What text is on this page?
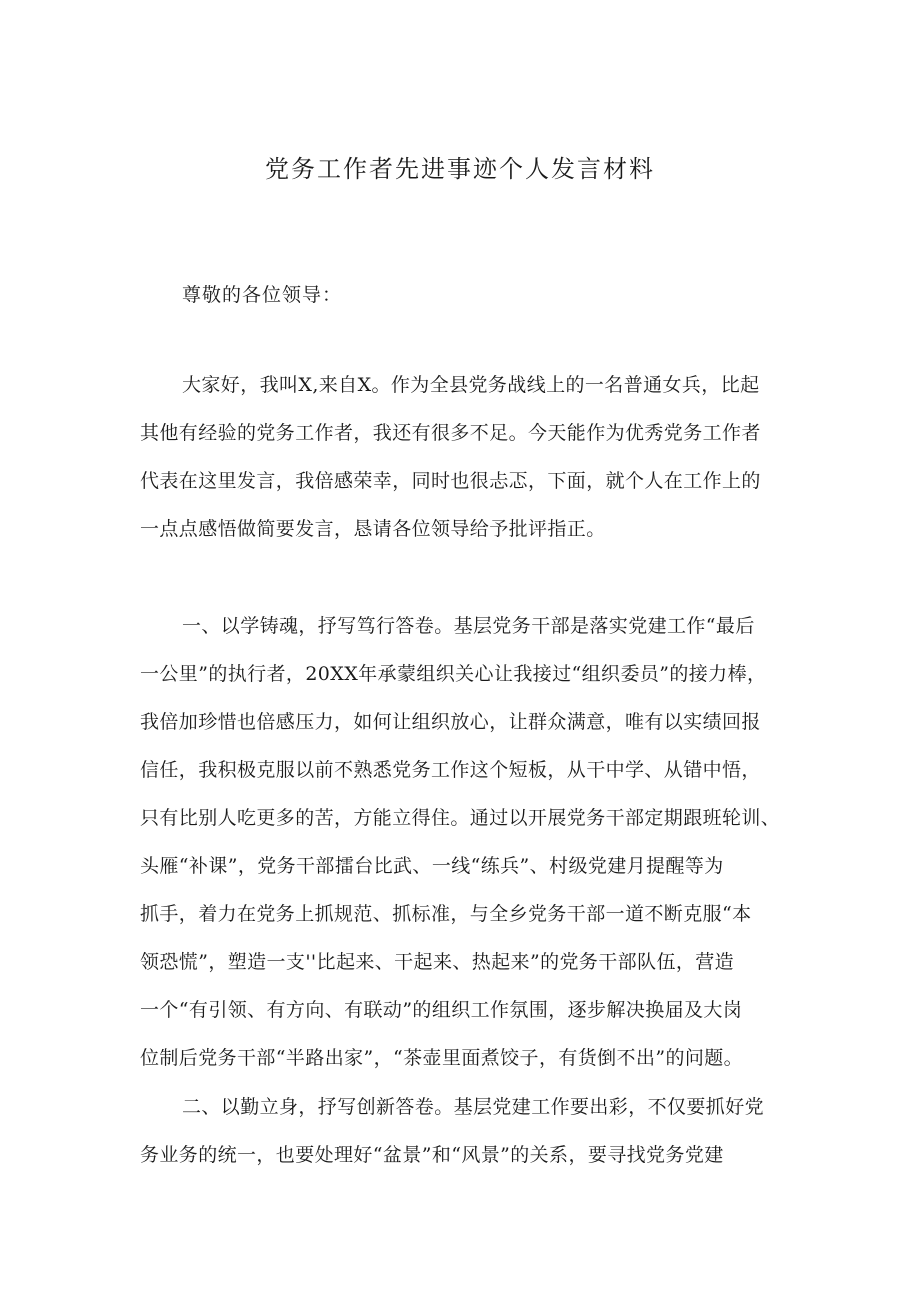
党务工作者先进事迹个人发言材料
尊敬的各位领导：
大家好，我叫X,来自X。作为全县党务战线上的一名普通女兵，比起
其他有经验的党务工作者，我还有很多不足。今天能作为优秀党务工作者
代表在这里发言，我倍感荣幸，同时也很忐忑，下面，就个人在工作上的
一点点感悟做简要发言，恳请各位领导给予批评指正。
一、以学铸魂，抒写笃行答卷。基层党务干部是落实党建工作“最后
一公里”的执行者，20XX年承蒙组织关心让我接过“组织委员”的接力棒，
我倍加珍惜也倍感压力，如何让组织放心，让群众满意，唯有以实绩回报
信任，我积极克服以前不熟悉党务工作这个短板，从干中学、从错中悟，
只有比别人吃更多的苦，方能立得住。通过以开展党务干部定期跟班轮训、
头雁“补课”，党务干部擂台比武、一线“练兵”、村级党建月提醒等为
抓手，着力在党务上抓规范、抓标准，与全乡党务干部一道不断克服“本
领恐慌”，塑造一支''比起来、干起来、热起来”的党务干部队伍，营造
一个“有引领、有方向、有联动”的组织工作氛围，逐步解决换届及大岗
位制后党务干部“半路出家”，“茶壶里面煮饺子，有货倒不出”的问题。
二、以勤立身，抒写创新答卷。基层党建工作要出彩，不仅要抓好党
务业务的统一，也要处理好“盆景”和“风景”的关系，要寻找党务党建
